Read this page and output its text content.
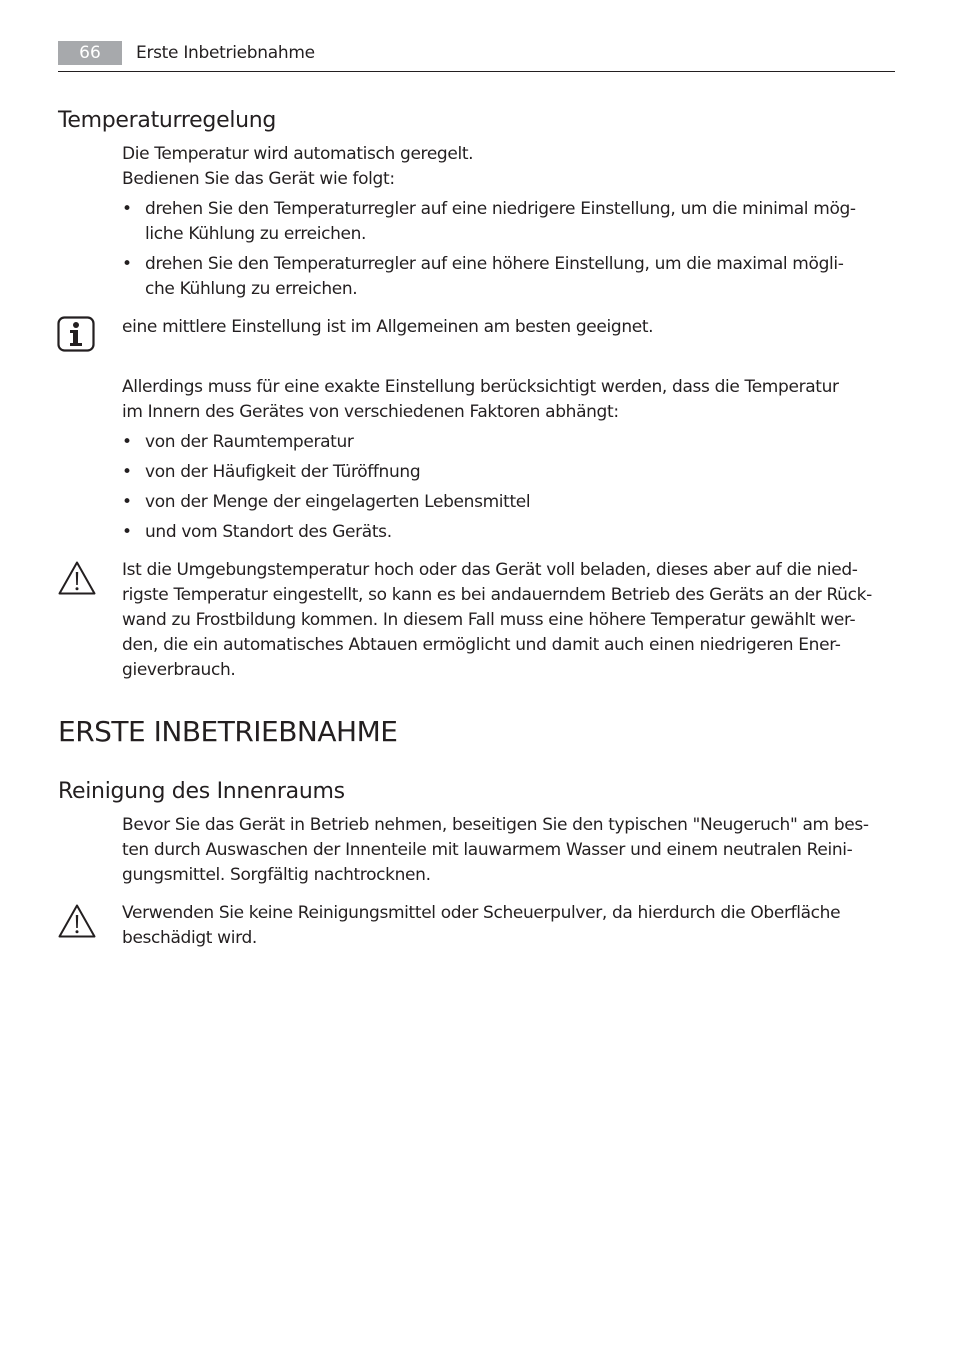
66	Erste Inbetriebnahme
Temperaturregelung

Die Temperatur wird automatisch geregelt.
Bedienen Sie das Gerät wie folgt:

• drehen Sie den Temperaturregler auf eine niedrigere Einstellung, um die minimal mög-
liche Kühlung zu erreichen.
• drehen Sie den Temperaturregler auf eine höhere Einstellung, um die maximal mögli-
che Kühlung zu erreichen.

eine mittlere Einstellung ist im Allgemeinen am besten geeignet.

Allerdings muss für eine exakte Einstellung berücksichtigt werden, dass die Temperatur
im Innern des Gerätes von verschiedenen Faktoren abhängt:

• von der Raumtemperatur
• von der Häufigkeit der Türöffnung
• von der Menge der eingelagerten Lebensmittel
• und vom Standort des Geräts.

Ist die Umgebungstemperatur hoch oder das Gerät voll beladen, dieses aber auf die nied-
rigste Temperatur eingestellt, so kann es bei andauerndem Betrieb des Geräts an der Rück-
wand zu Frostbildung kommen. In diesem Fall muss eine höhere Temperatur gewählt wer-
den, die ein automatisches Abtauen ermöglicht und damit auch einen niedrigeren Ener-
gieverbrauch.

ERSTE INBETRIEBNAHME
Reinigung des Innenraums

Bevor Sie das Gerät in Betrieb nehmen, beseitigen Sie den typischen "Neugeruch" am bes-
ten durch Auswaschen der Innenteile mit lauwarmem Wasser und einem neutralen Reini-
gungsmittel. Sorgfältig nachtrocknen.

Verwenden Sie keine Reinigungsmittel oder Scheuerpulver, da hierdurch die Oberfläche
beschädigt wird.
